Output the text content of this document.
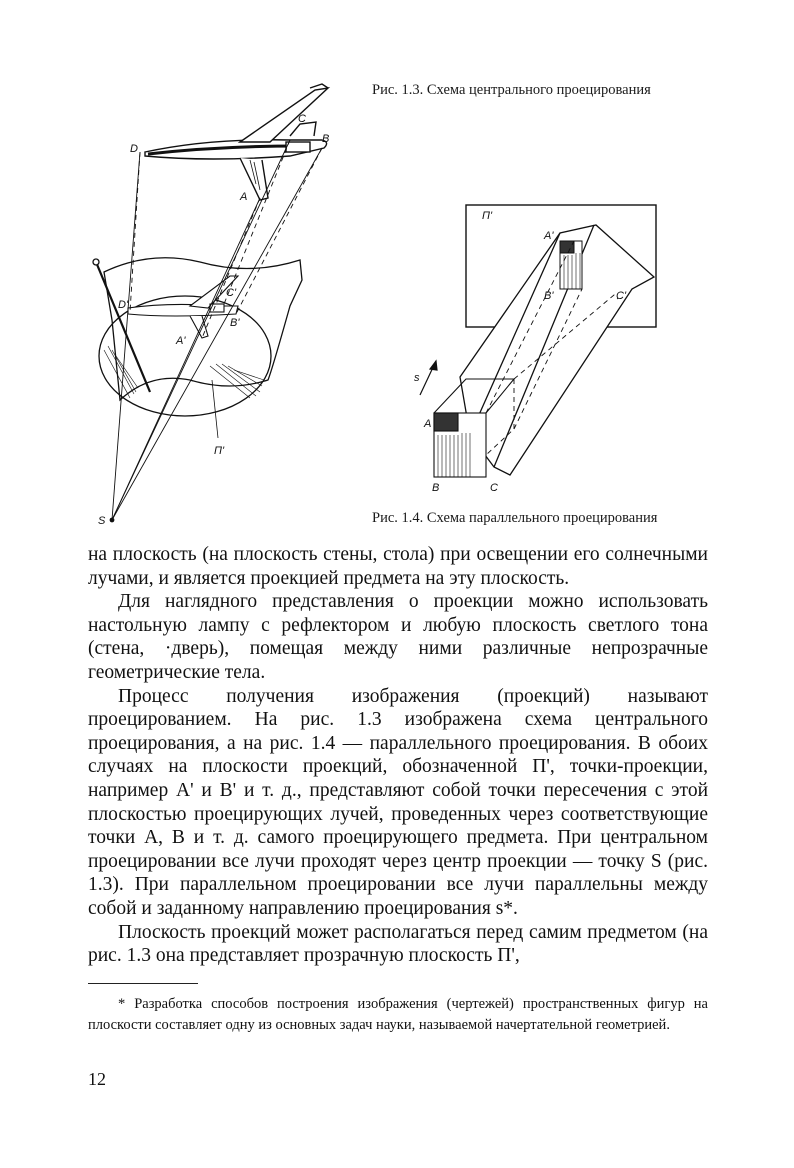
D
C
B
A
D'
C'
B'
A'
П'
S
Рис. 1.3. Схема центрального проецирования
П'
A'
B'	C'
s
A
B	C
Рис. 1.4. Схема параллельного проецирования

на плоскость (на плоскость стены, стола) при освещении его солнечными лучами, и является проекцией предмета на эту плоскость.

Для наглядного представления о проекции можно использовать настольную лампу с рефлектором и любую плоскость светлого тона (стена, ·дверь), помещая между ними различные непрозрачные геометрические тела.

Процесс получения изображения (проекций) называют проецированием. На рис. 1.3 изображена схема центрального проецирования, а на рис. 1.4 — параллельного проецирования. В обоих случаях на плоскости проекций, обозначенной П', точки-проекции, например A' и B' и т. д., представляют собой точки пересечения с этой плоскостью проецирующих лучей, проведенных через соответствующие точки A, B и т. д. самого проецирующего предмета. При центральном проецировании все лучи проходят через центр проекции — точку S (рис. 1.3). При параллельном проецировании все лучи параллельны между собой и заданному направлению проецирования s*.

Плоскость проекций может располагаться перед самим предметом (на рис. 1.3 она представляет прозрачную плоскость П',

* Разработка способов построения изображения (чертежей) пространственных фигур на плоскости составляет одну из основных задач науки, называемой начертательной геометрией.
12
